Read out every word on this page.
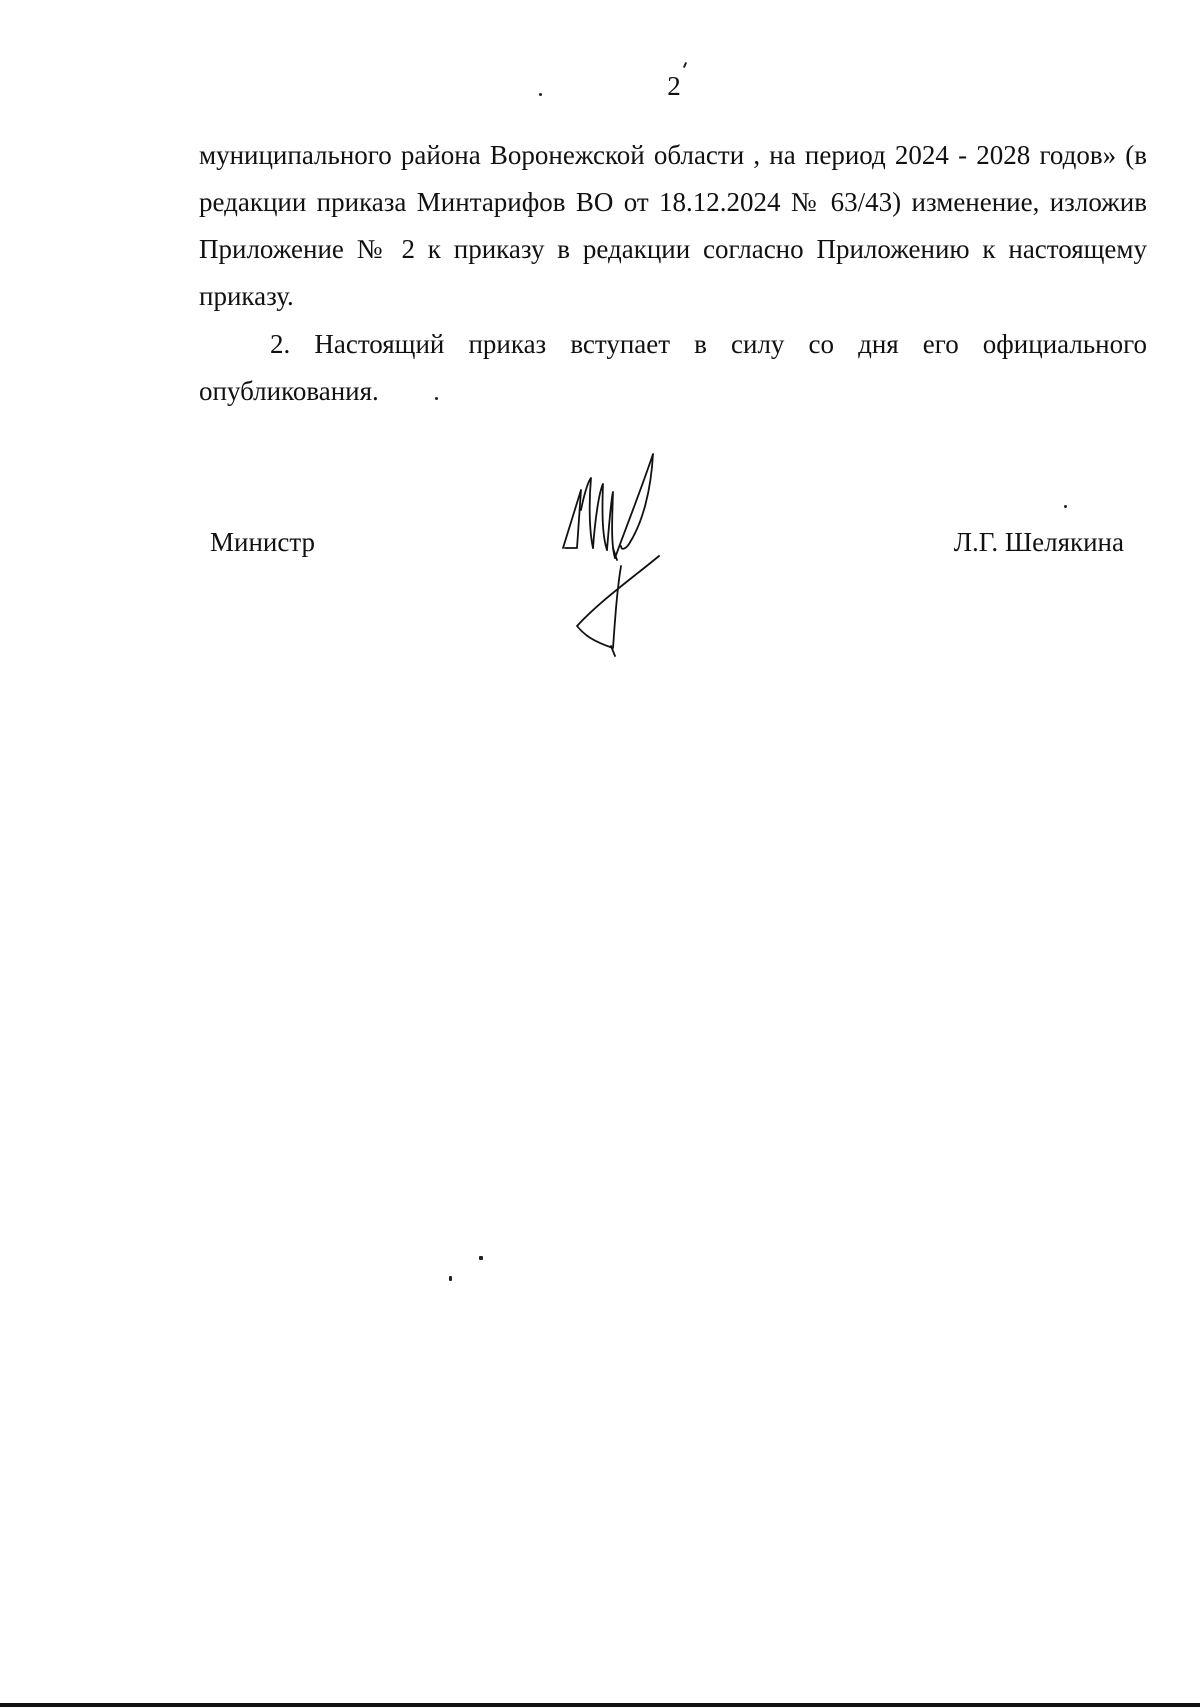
2

муниципального района Воронежской области , на период 2024 - 2028 годов» (в редакции приказа Минтарифов ВО от 18.12.2024 № 63/43) изменение, изложив Приложение № 2 к приказу в редакции согласно Приложению к настоящему приказу.

2. Настоящий приказ вступает в силу со дня его официального опубликования.

Министр	Л.Г. Шелякина
